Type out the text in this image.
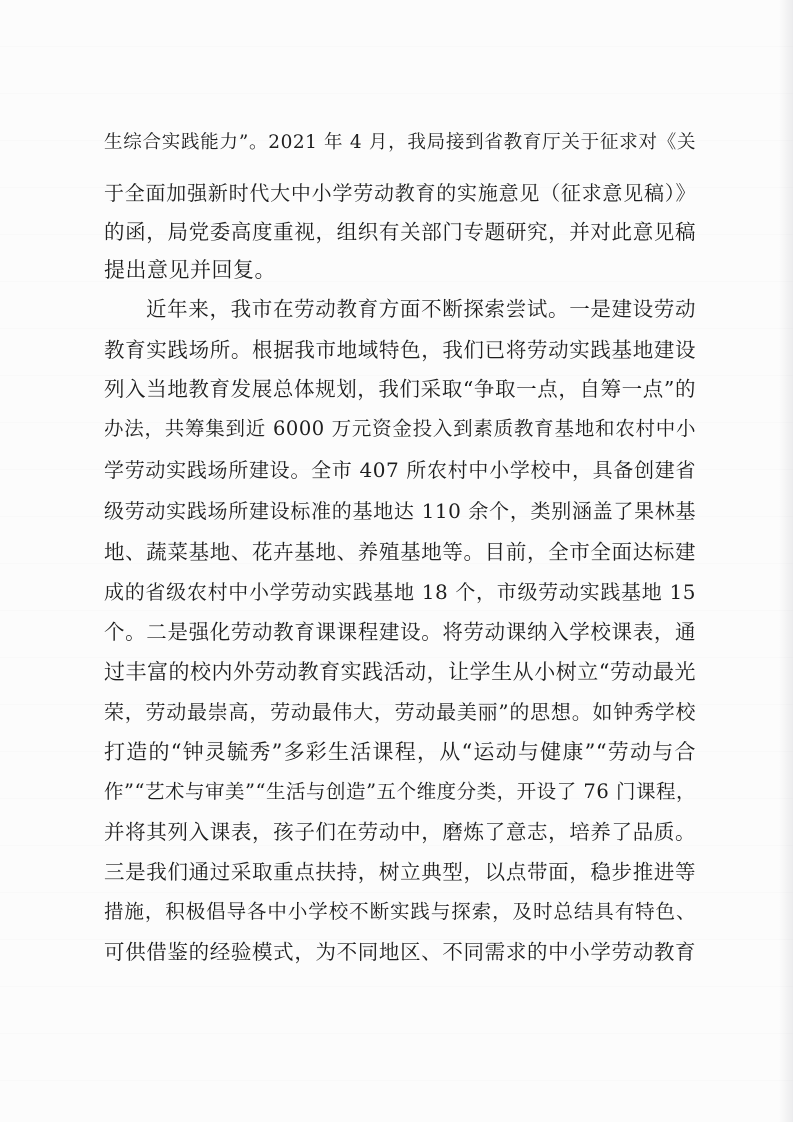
生综合实践能力”。2021 年 4 月，我局接到省教育厅关于征求对《关
于全面加强新时代大中小学劳动教育的实施意见（征求意见稿）》
的函，局党委高度重视，组织有关部门专题研究，并对此意见稿
提出意见并回复。
近年来，我市在劳动教育方面不断探索尝试。一是建设劳动
教育实践场所。根据我市地域特色，我们已将劳动实践基地建设
列入当地教育发展总体规划，我们采取“争取一点，自筹一点”的
办法，共筹集到近 6000 万元资金投入到素质教育基地和农村中小
学劳动实践场所建设。全市 407 所农村中小学校中，具备创建省
级劳动实践场所建设标准的基地达 110 余个，类别涵盖了果林基
地、蔬菜基地、花卉基地、养殖基地等。目前，全市全面达标建
成的省级农村中小学劳动实践基地 18 个，市级劳动实践基地 15
个。二是强化劳动教育课课程建设。将劳动课纳入学校课表，通
过丰富的校内外劳动教育实践活动，让学生从小树立“劳动最光
荣，劳动最崇高，劳动最伟大，劳动最美丽”的思想。如钟秀学校
打造的“钟灵毓秀”多彩生活课程，从“运动与健康”“劳动与合
作”“艺术与审美”“生活与创造”五个维度分类，开设了 76 门课程，
并将其列入课表，孩子们在劳动中，磨炼了意志，培养了品质。
三是我们通过采取重点扶持，树立典型，以点带面，稳步推进等
措施，积极倡导各中小学校不断实践与探索，及时总结具有特色、
可供借鉴的经验模式，为不同地区、不同需求的中小学劳动教育
